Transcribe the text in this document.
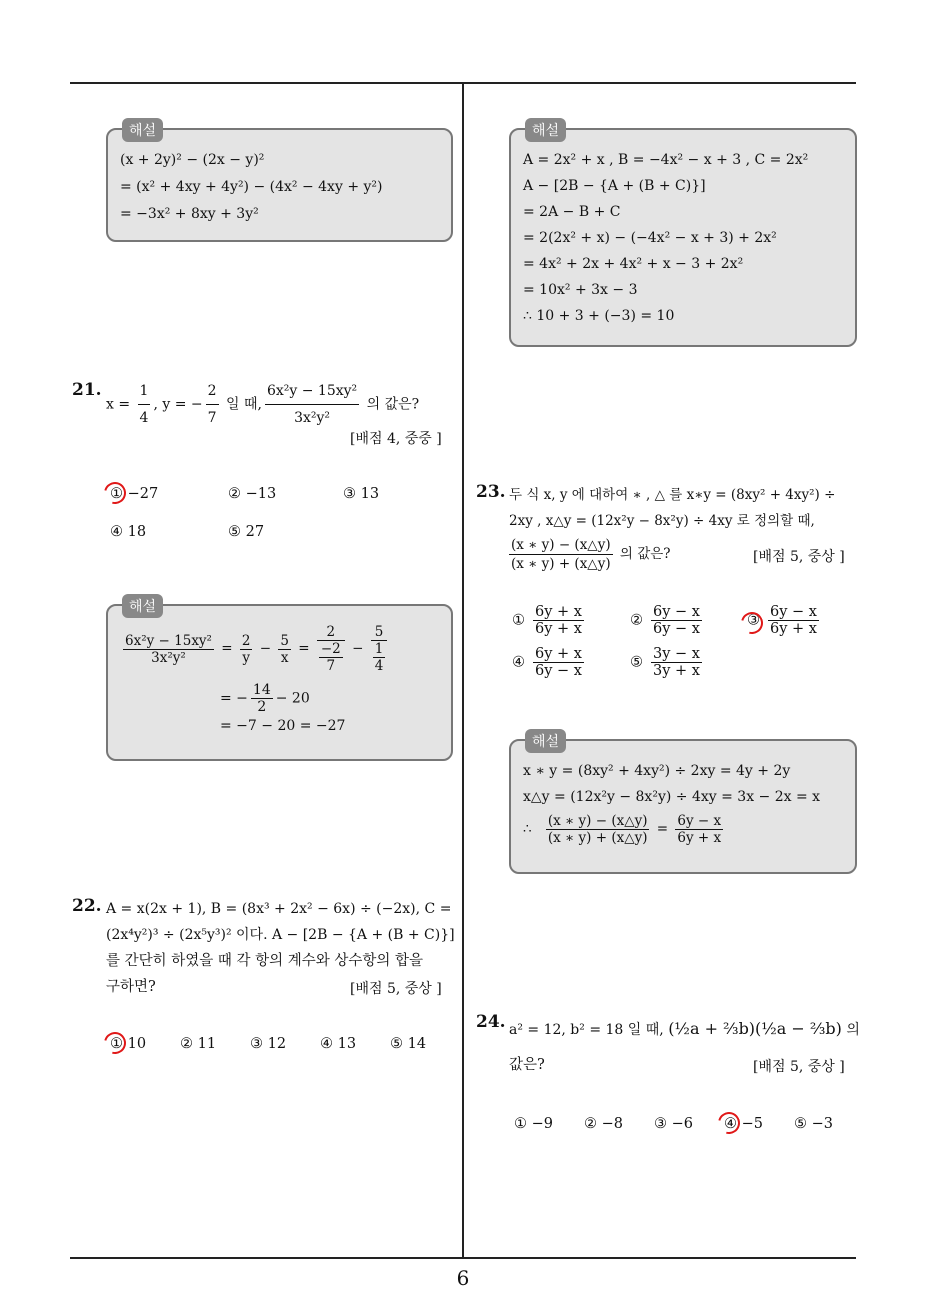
해설
(x + 2y)² − (2x − y)²
= (x² + 4xy + 4y²) − (4x² − 4xy + y²)
= −3x² + 8xy + 3y²
해설
A = 2x² + x , B = −4x² − x + 3 , C = 2x²
A − [2B − {A + (B + C)}]
= 2A − B + C
= 2(2x² + x) − (−4x² − x + 3) + 2x²
= 4x² + 2x + 4x² + x − 3 + 2x²
= 10x² + 3x − 3
∴ 10 + 3 + (−3) = 10
21.
$x = \frac{1}{4}$ , y = − $\frac{2}{7}$ 일 때, $\frac{\text{6x²y − 15xy²}}{\text{3x²y²}}$ 의 값은?
[배점 4, 중중 ]
① −27	② −13	③ 13
④ 18	⑤ 27
해설
$\frac{\text{6x²y − 15xy²}}{\text{3x²y²}} = \frac{2}{y} - \frac{5}{x} = \frac{2}{\frac{-2}{7}} - \frac{5}{\frac{1}{4}}$
= − $\frac{14}{2} - 20$
= −7 − 20 = −27
22. A = x(2x + 1), B = (8x³ + 2x² − 6x) ÷ (−2x), C =
(2x⁴y²)³ ÷ (2x⁵y³)² 이다. A − [2B − {A + (B + C)}]
를 간단히 하였을 때 각 항의 계수와 상수항의 합을
구하면?	[배점 5, 중상 ]
① 10 ② 11 ③ 12 ④ 13 ⑤ 14
23. 두 식 x, y 에 대하여 ∗ , △ 를 x∗y = (8xy² + 4xy²) ÷
2xy , x△y = (12x²y − 8x²y) ÷ 4xy 로 정의할 때,
$\frac{(x ∗ y) - (x\triangle y)}{(x ∗ y) + (x\triangle y)}$ 의 값은?	[배점 5, 중상 ]
① $\frac{6y + x}{6y + x}$	② $\frac{6y - x}{6y - x}$	③ $\frac{6y - x}{6y + x}$
④ $\frac{6y + x}{6y - x}$	⑤ $\frac{3y - x}{3y + x}$
해설
x ∗ y = (8xy² + 4xy²) ÷ 2xy = 4y + 2y
x△y = (12x²y − 8x²y) ÷ 4xy = 3x − 2x = x
∴ $\frac{(x ∗ y) - (x\triangle y)}{(x ∗ y) + (x\triangle y)} = \frac{6y - x}{6y + x}$
24. a² = 12, b² = 18 일 때, (½a + ⅔b)(½a − ⅔b) 의
값은?	[배점 5, 중상 ]
① −9 ② −8 ③ −6 ④ −5 ⑤ −3
6
